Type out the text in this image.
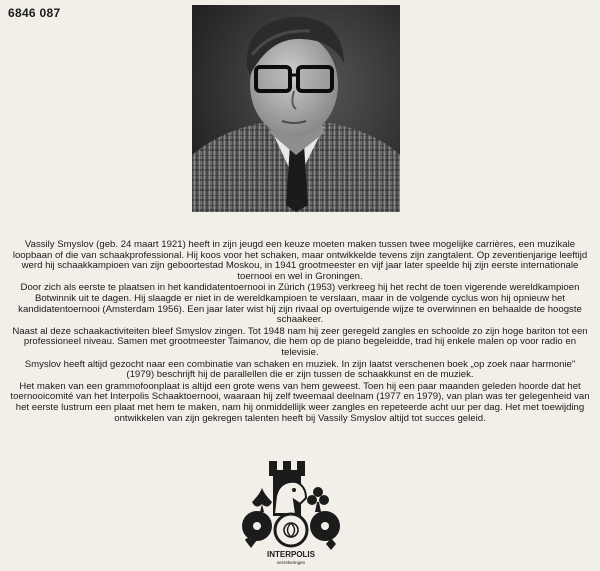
6846 087

Vassily Smyslov (geb. 24 maart 1921) heeft in zijn jeugd een keuze moeten maken tussen twee mogelijke carrières, een muzikale loopbaan of die van schaakprofessional. Hij koos voor het schaken, maar ontwikkelde tevens zijn zangtalent. Op zeventienjarige leeftijd werd hij schaakkampioen van zijn geboortestad Moskou, in 1941 grootmeester en vijf jaar later speelde hij zijn eerste internationale toernooi en wel in Groningen.

Door zich als eerste te plaatsen in het kandidatentoernooi in Zürich (1953) verkreeg hij het recht de toen vigerende wereldkampioen Botwinnik uit te dagen. Hij slaagde er niet in de wereldkampioen te verslaan, maar in de volgende cyclus won hij opnieuw het kandidatentoernooi (Amsterdam 1956). Een jaar later wist hij zijn rivaal op overtuigende wijze te overwinnen en behaalde de hoogste schaakeer.

Naast al deze schaakactiviteiten bleef Smyslov zingen. Tot 1948 nam hij zeer geregeld zangles en schoolde zo zijn hoge bariton tot een professioneel niveau. Samen met grootmeester Taimanov, die hem op de piano begeleidde, trad hij enkele malen op voor radio en televisie.

Smyslov heeft altijd gezocht naar een combinatie van schaken en muziek. In zijn laatst verschenen boek „op zoek naar harmonie" (1979) beschrijft hij de parallellen die er zijn tussen de schaakkunst en de muziek.

Het maken van een grammofoonplaat is altijd een grote wens van hem geweest. Toen hij een paar maanden geleden hoorde dat het toernooicomité van het Interpolis Schaaktoernooi, waaraan hij zelf tweemaal deelnam (1977 en 1979), van plan was ter gelegenheid van het eerste lustrum een plaat met hem te maken, nam hij onmiddellijk weer zangles en repeteerde acht uur per dag. Het met toewijding ontwikkelen van zijn gekregen talenten heeft bij Vassily Smyslov altijd tot succes geleid.

INTERPOLIS
verzekeringen
